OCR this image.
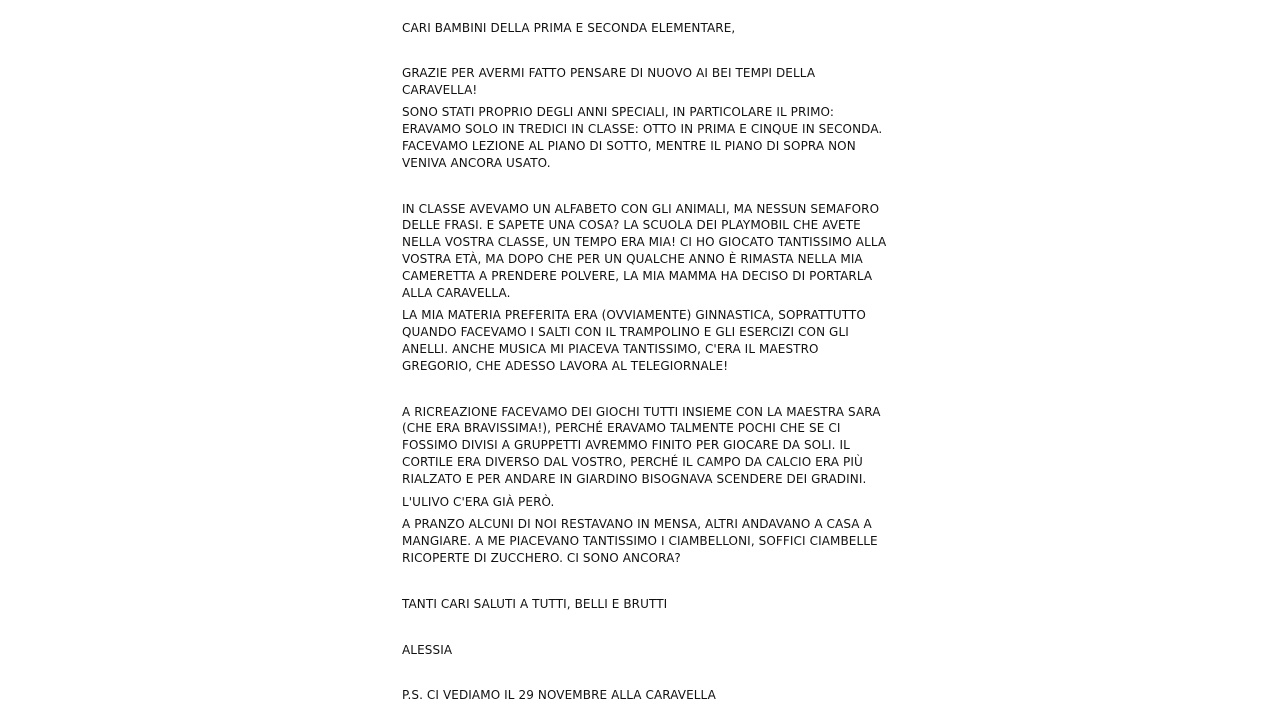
CARI BAMBINI DELLA PRIMA E SECONDA ELEMENTARE,

GRAZIE PER AVERMI FATTO PENSARE DI NUOVO AI BEI TEMPI DELLA CARAVELLA!

SONO STATI PROPRIO DEGLI ANNI SPECIALI, IN PARTICOLARE IL PRIMO: ERAVAMO SOLO IN TREDICI IN CLASSE: OTTO IN PRIMA E CINQUE IN SECONDA. FACEVAMO LEZIONE AL PIANO DI SOTTO, MENTRE IL PIANO DI SOPRA NON VENIVA ANCORA USATO.

IN CLASSE AVEVAMO UN ALFABETO CON GLI ANIMALI, MA NESSUN SEMAFORO DELLE FRASI. E SAPETE UNA COSA? LA SCUOLA DEI PLAYMOBIL CHE AVETE NELLA VOSTRA CLASSE, UN TEMPO ERA MIA! CI HO GIOCATO TANTISSIMO ALLA VOSTRA ETÀ, MA DOPO CHE PER UN QUALCHE ANNO È RIMASTA NELLA MIA CAMERETTA A PRENDERE POLVERE, LA MIA MAMMA HA DECISO DI PORTARLA ALLA CARAVELLA.

LA MIA MATERIA PREFERITA ERA (OVVIAMENTE) GINNASTICA, SOPRATTUTTO QUANDO FACEVAMO I SALTI CON IL TRAMPOLINO E GLI ESERCIZI CON GLI ANELLI. ANCHE MUSICA MI PIACEVA TANTISSIMO, C'ERA IL MAESTRO GREGORIO, CHE ADESSO LAVORA AL TELEGIORNALE!

A RICREAZIONE FACEVAMO DEI GIOCHI TUTTI INSIEME CON LA MAESTRA SARA (CHE ERA BRAVISSIMA!), PERCHÉ ERAVAMO TALMENTE POCHI CHE SE CI FOSSIMO DIVISI A GRUPPETTI AVREMMO FINITO PER GIOCARE DA SOLI. IL CORTILE ERA DIVERSO DAL VOSTRO, PERCHÉ IL CAMPO DA CALCIO ERA PIÙ RIALZATO E PER ANDARE IN GIARDINO BISOGNAVA SCENDERE DEI GRADINI.

L'ULIVO C'ERA GIÀ PERÒ.

A PRANZO ALCUNI DI NOI RESTAVANO IN MENSA, ALTRI ANDAVANO A CASA A MANGIARE. A ME PIACEVANO TANTISSIMO I CIAMBELLONI, SOFFICI CIAMBELLE RICOPERTE DI ZUCCHERO. CI SONO ANCORA?

TANTI CARI SALUTI A TUTTI, BELLI E BRUTTI

ALESSIA

P.S. CI VEDIAMO IL 29 NOVEMBRE ALLA CARAVELLA
